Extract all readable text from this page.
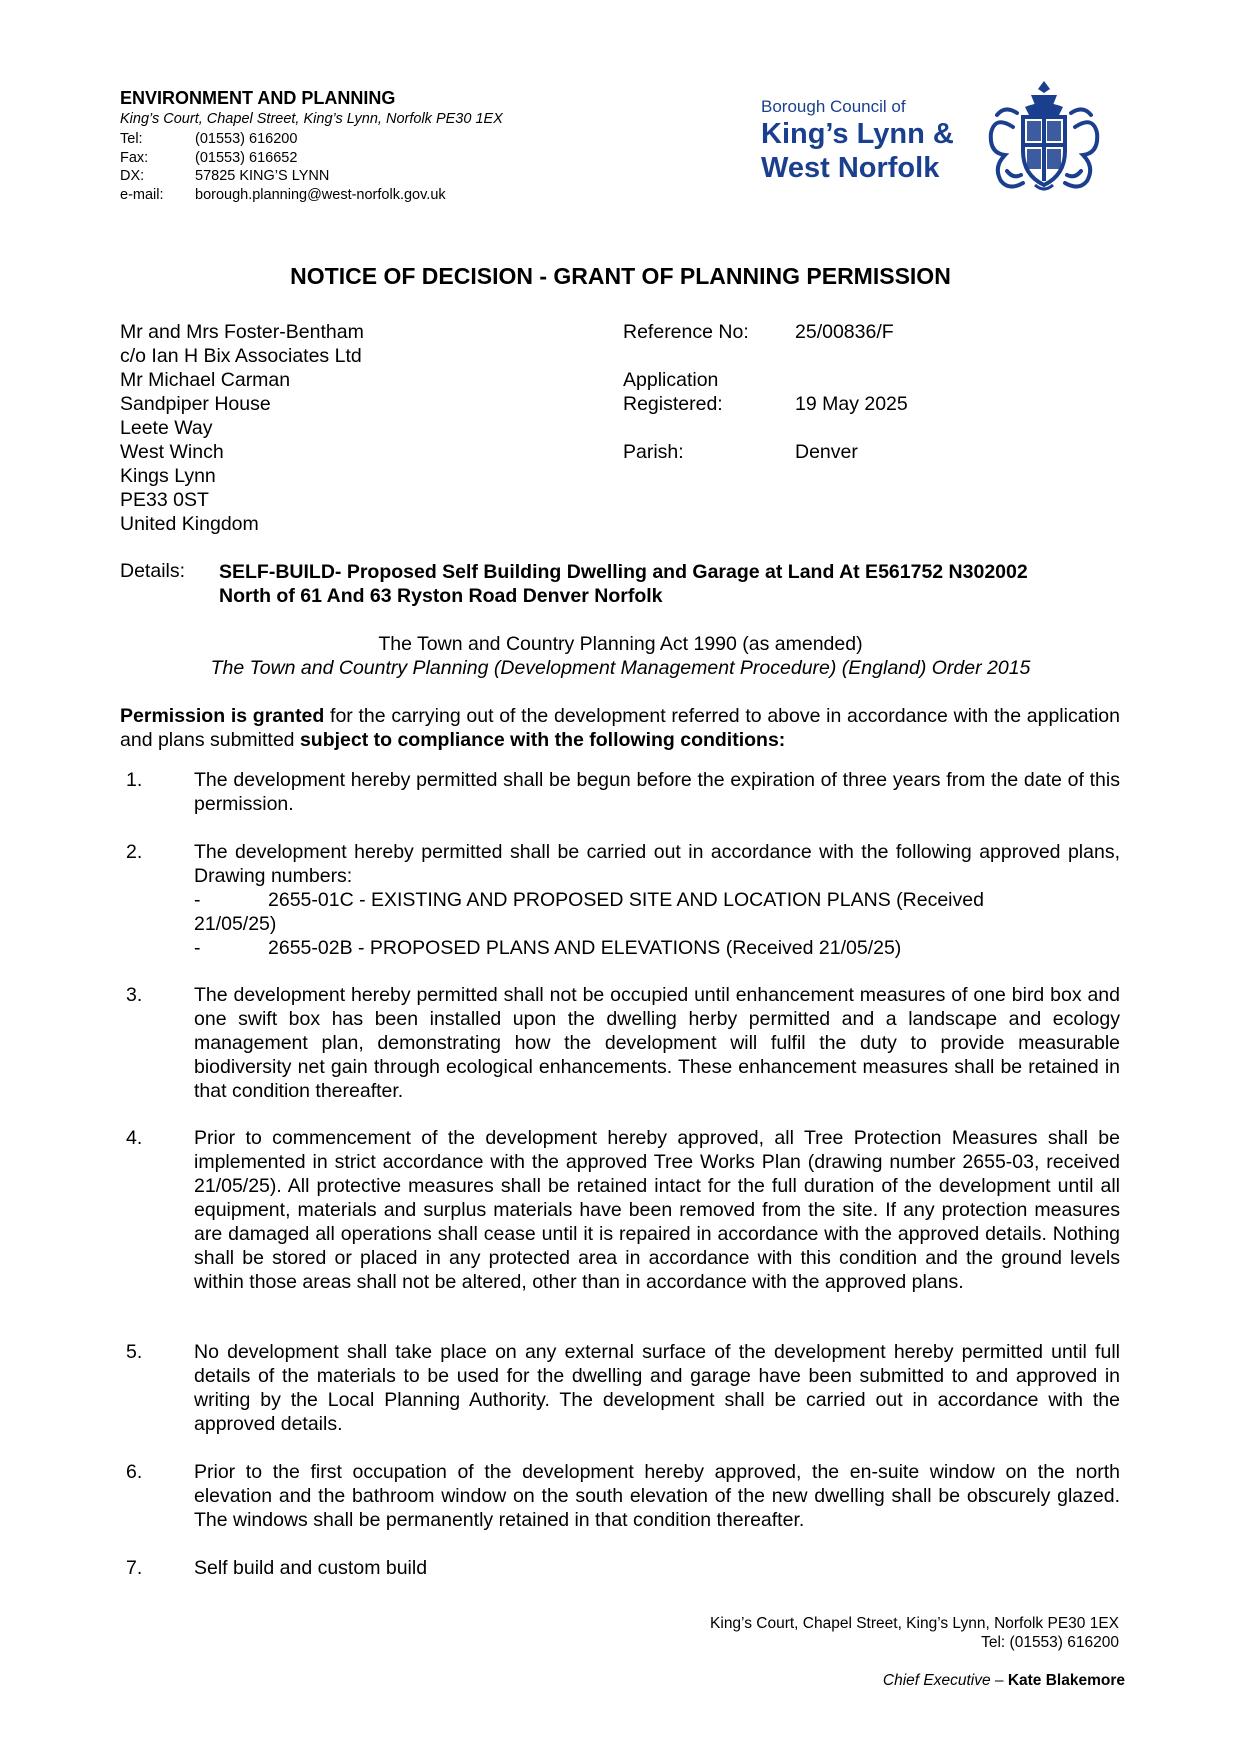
ENVIRONMENT AND PLANNING
King’s Court, Chapel Street, King’s Lynn, Norfolk PE30 1EX
Tel:	(01553) 616200
Fax:	(01553) 616652
DX:	57825 KING’S LYNN
e-mail:	borough.planning@west-norfolk.gov.uk
Borough Council of
King’s Lynn &
West Norfolk
NOTICE OF DECISION - GRANT OF PLANNING PERMISSION
Mr and Mrs Foster-Bentham
c/o Ian H Bix Associates Ltd
Mr Michael Carman
Sandpiper House
Leete Way
West Winch
Kings Lynn
PE33 0ST
United Kingdom
Reference No:	25/00836/F
Application
Registered:	19 May 2025
Parish:	Denver
Details: SELF-BUILD- Proposed Self Building Dwelling and Garage at Land At E561752 N302002
North of 61 And 63 Ryston Road Denver Norfolk
The Town and Country Planning Act 1990 (as amended)
The Town and Country Planning (Development Management Procedure) (England) Order 2015
Permission is granted for the carrying out of the development referred to above in accordance with the application and plans submitted subject to compliance with the following conditions:
1.	The development hereby permitted shall be begun before the expiration of three years from the date of this permission.
2.	The development hereby permitted shall be carried out in accordance with the following approved plans, Drawing numbers:
-	2655-01C - EXISTING AND PROPOSED SITE AND LOCATION PLANS (Received
21/05/25)
-	2655-02B - PROPOSED PLANS AND ELEVATIONS (Received 21/05/25)
3.	The development hereby permitted shall not be occupied until enhancement measures of one bird box and one swift box has been installed upon the dwelling herby permitted and a landscape and ecology management plan, demonstrating how the development will fulfil the duty to provide measurable biodiversity net gain through ecological enhancements. These enhancement measures shall be retained in that condition thereafter.
4.	Prior to commencement of the development hereby approved, all Tree Protection Measures shall be implemented in strict accordance with the approved Tree Works Plan (drawing number 2655-03, received 21/05/25). All protective measures shall be retained intact for the full duration of the development until all equipment, materials and surplus materials have been removed from the site. If any protection measures are damaged all operations shall cease until it is repaired in accordance with the approved details. Nothing shall be stored or placed in any protected area in accordance with this condition and the ground levels within those areas shall not be altered, other than in accordance with the approved plans.
5.	No development shall take place on any external surface of the development hereby permitted until full details of the materials to be used for the dwelling and garage have been submitted to and approved in writing by the Local Planning Authority. The development shall be carried out in accordance with the approved details.
6.	Prior to the first occupation of the development hereby approved, the en-suite window on the north elevation and the bathroom window on the south elevation of the new dwelling shall be obscurely glazed. The windows shall be permanently retained in that condition thereafter.
7.	Self build and custom build
King’s Court, Chapel Street, King’s Lynn, Norfolk PE30 1EX
Tel: (01553) 616200
Chief Executive – Kate Blakemore
